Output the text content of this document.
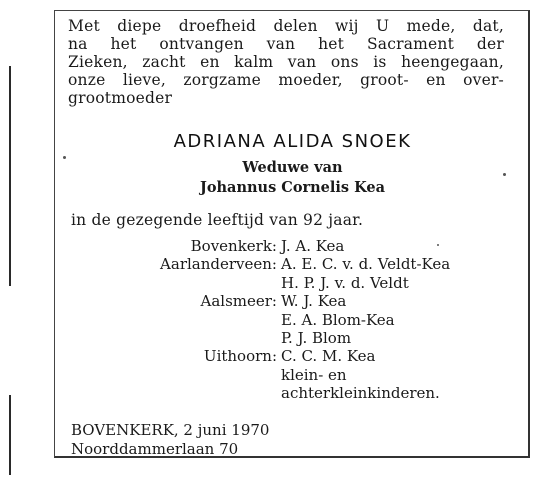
Met diepe droefheid delen wij U mede, dat,
na het ontvangen van het Sacrament der
Zieken, zacht en kalm van ons is heengegaan,
onze lieve, zorgzame moeder, groot- en over-
grootmoeder
ADRIANA ALIDA SNOEK
Weduwe van
Johannus Cornelis Kea
in de gezegende leeftijd van 92 jaar.
Bovenkerk: J. A. Kea
Aarlanderveen: A. E. C. v. d. Veldt-Kea
H. P. J. v. d. Veldt
Aalsmeer: W. J. Kea
E. A. Blom-Kea
P. J. Blom
Uithoorn: C. C. M. Kea
klein- en
achterkleinkinderen.
BOVENKERK, 2 juni 1970
Noorddammerlaan 70
